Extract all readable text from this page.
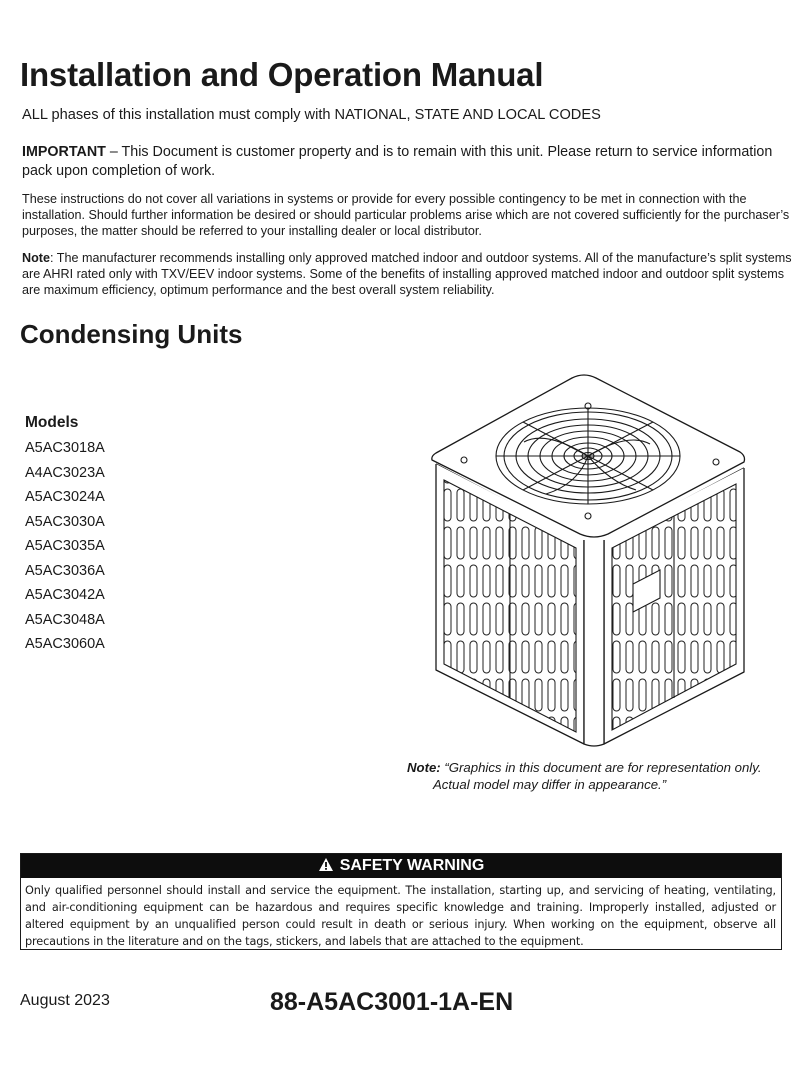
Installation and Operation Manual
ALL phases of this installation must comply with NATIONAL, STATE AND LOCAL CODES
IMPORTANT – This Document is customer property and is to remain with this unit. Please return to service information pack upon completion of work.
These instructions do not cover all variations in systems or provide for every possible contingency to be met in connection with the installation. Should further information be desired or should particular problems arise which are not covered sufficiently for the purchaser’s purposes, the matter should be referred to your installing dealer or local distributor.
Note: The manufacturer recommends installing only approved matched indoor and outdoor systems. All of the manufacture’s split systems are AHRI rated only with TXV/EEV indoor systems. Some of the benefits of installing approved matched indoor and outdoor split systems are maximum efficiency, optimum performance and the best overall system reliability.
Condensing Units
Models
A5AC3018A
A4AC3023A
A5AC3024A
A5AC3030A
A5AC3035A
A5AC3036A
A5AC3042A
A5AC3048A
A5AC3060A
Note: “Graphics in this document are for representation only.
Actual model may differ in appearance.”
SAFETY WARNING
Only qualified personnel should install and service the equipment. The installation, starting up, and servicing of heating, ventilating, and air-conditioning equipment can be hazardous and requires specific knowledge and training. Improperly installed, adjusted or altered equipment by an unqualified person could result in death or serious injury. When working on the equipment, observe all precautions in the literature and on the tags, stickers, and labels that are attached to the equipment.
August 2023	88-A5AC3001-1A-EN
